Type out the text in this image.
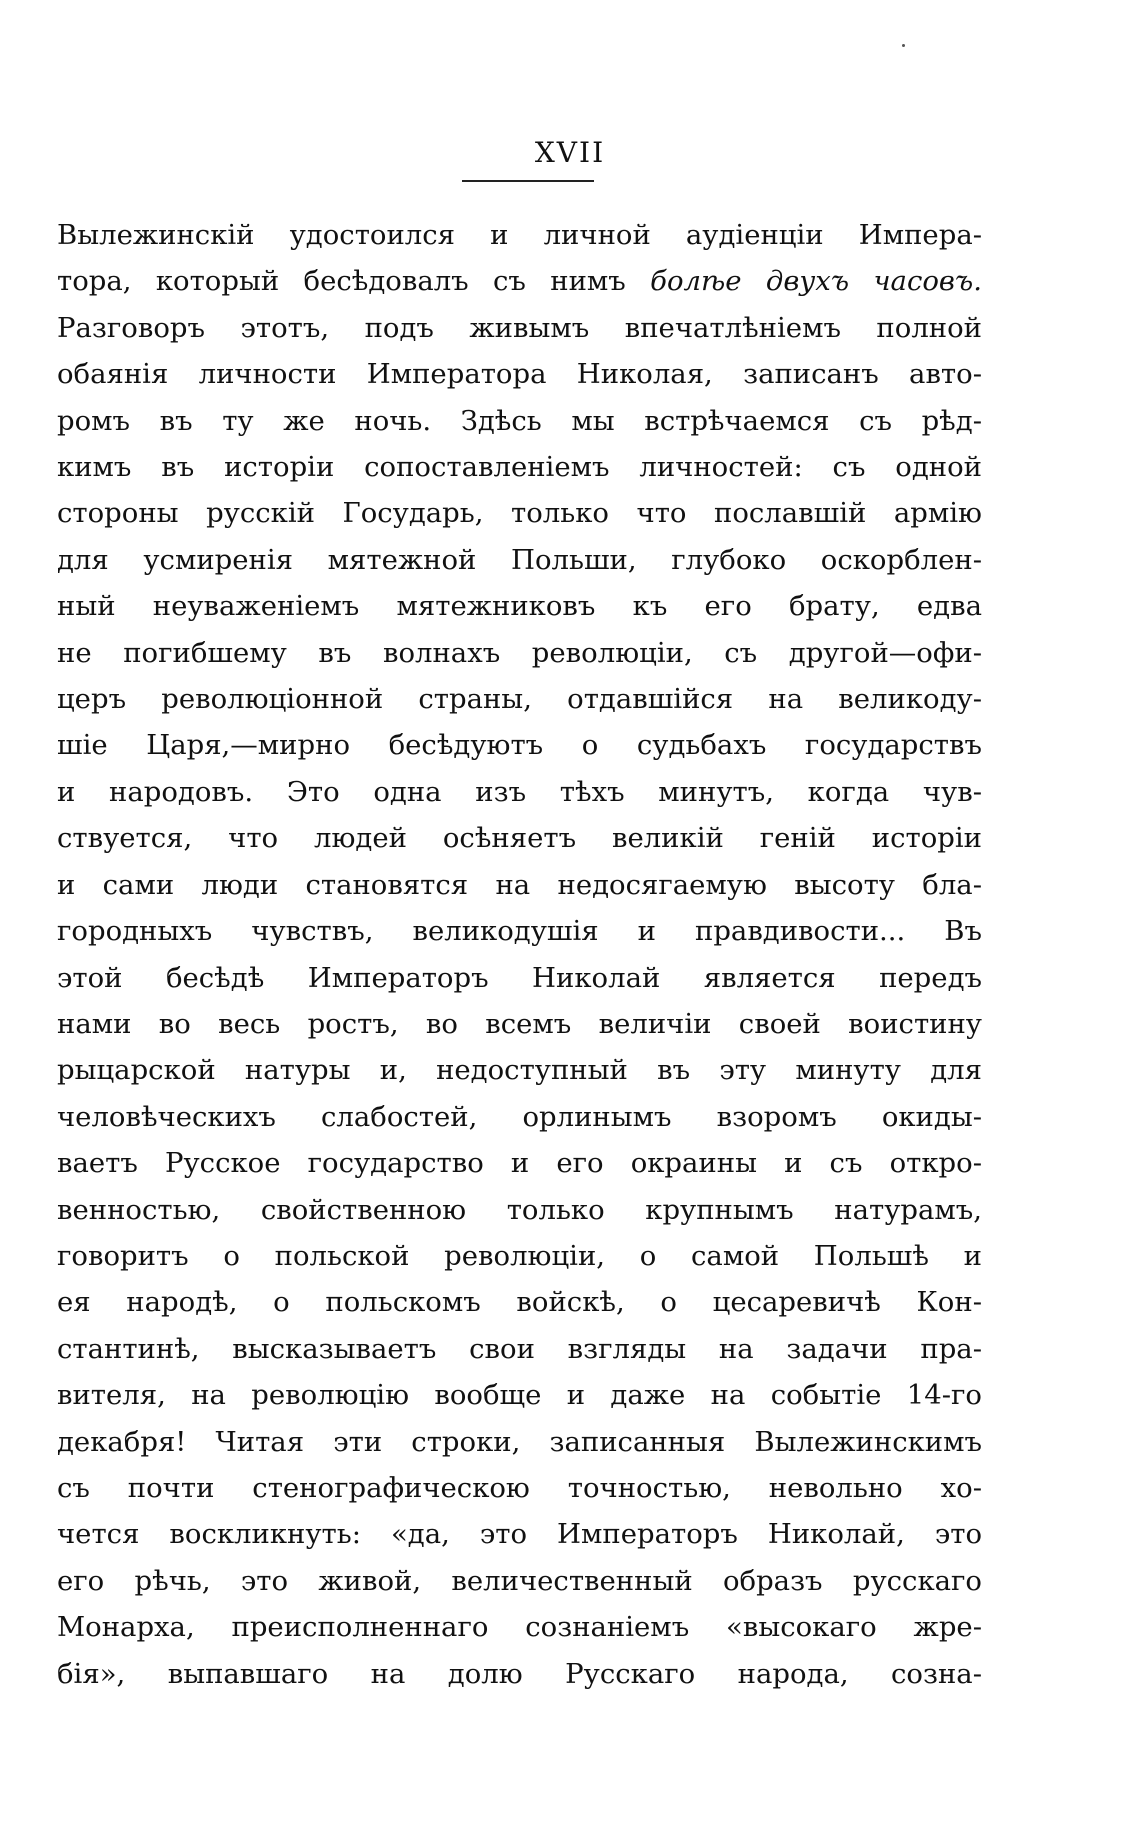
XVII
Вылежинскій удостоился и личной аудіенціи Импера-
тора, который бесѣдовалъ съ нимъ болѣе двухъ часовъ.
Разговоръ этотъ, подъ живымъ впечатлѣніемъ полной
обаянія личности Императора Николая, записанъ авто-
ромъ въ ту же ночь. Здѣсь мы встрѣчаемся съ рѣд-
кимъ въ исторіи сопоставленіемъ личностей: съ одной
стороны русскій Государь, только что пославшій армію
для усмиренія мятежной Польши, глубоко оскорблен-
ный неуваженіемъ мятежниковъ къ его брату, едва
не погибшему въ волнахъ революціи, съ другой—офи-
церъ революціонной страны, отдавшійся на великоду-
шіе Царя,—мирно бесѣдуютъ о судьбахъ государствъ
и народовъ. Это одна изъ тѣхъ минутъ, когда чув-
ствуется, что людей осѣняетъ великій геній исторіи
и сами люди становятся на недосягаемую высоту бла-
городныхъ чувствъ, великодушія и правдивости... Въ
этой бесѣдѣ Императоръ Николай является передъ
нами во весь ростъ, во всемъ величіи своей воистину
рыцарской натуры и, недоступный въ эту минуту для
человѣческихъ слабостей, орлинымъ взоромъ окиды-
ваетъ Русское государство и его окраины и съ откро-
венностью, свойственною только крупнымъ натурамъ,
говоритъ о польской революціи, о самой Польшѣ и
ея народѣ, о польскомъ войскѣ, о цесаревичѣ Кон-
стантинѣ, высказываетъ свои взгляды на задачи пра-
вителя, на революцію вообще и даже на событіе 14-го
декабря! Читая эти строки, записанныя Вылежинскимъ
съ почти стенографическою точностью, невольно хо-
чется воскликнуть: «да, это Императоръ Николай, это
его рѣчь, это живой, величественный образъ русскаго
Монарха, преисполненнаго сознаніемъ «высокаго жре-
бія», выпавшаго на долю Русскаго народа, созна-
